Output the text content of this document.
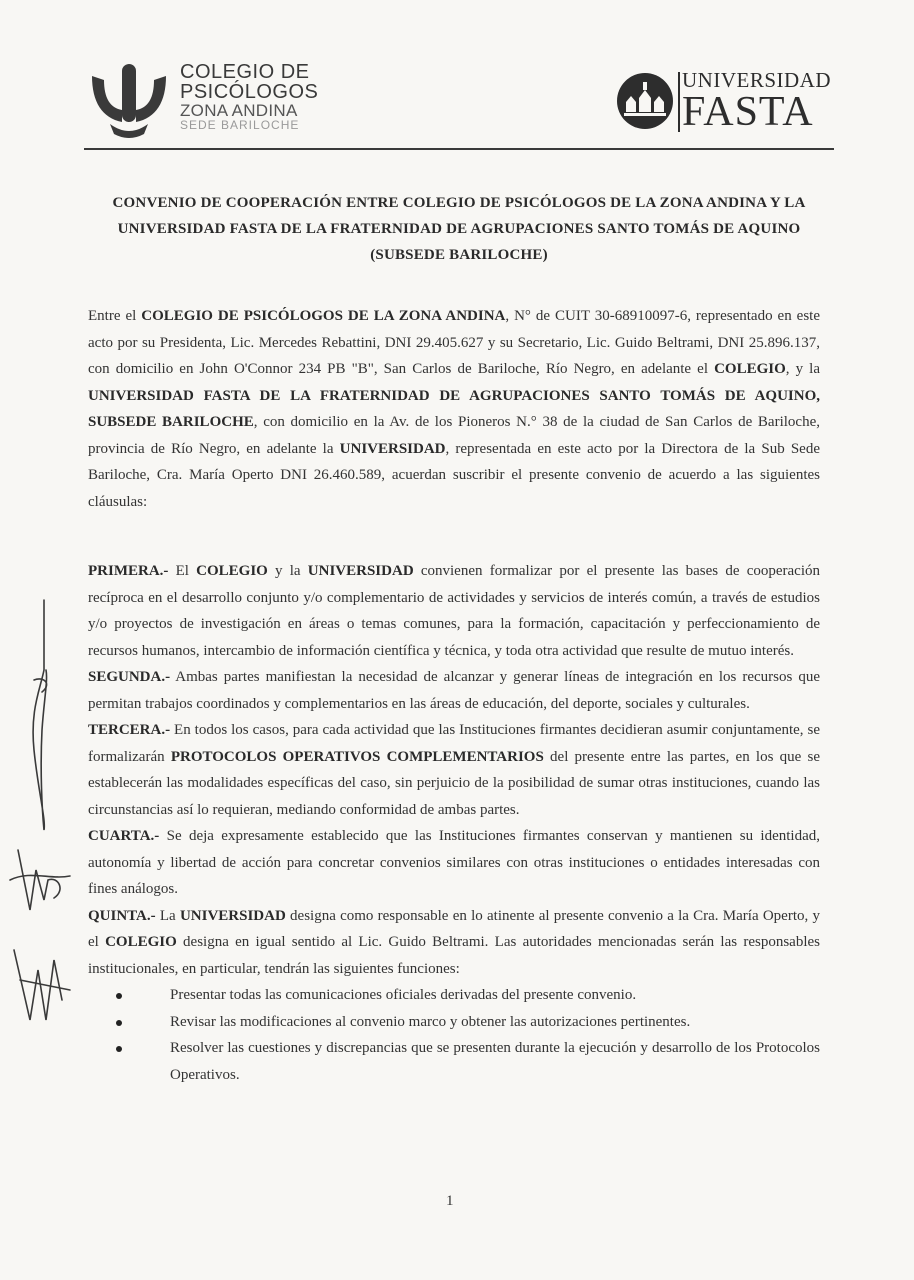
COLEGIO DE
PSICÓLOGOS
ZONA ANDINA
SEDE BARILOCHE
UNIVERSIDAD
FASTA
CONVENIO DE COOPERACIÓN ENTRE COLEGIO DE PSICÓLOGOS DE LA ZONA ANDINA Y LA UNIVERSIDAD FASTA DE LA FRATERNIDAD DE AGRUPACIONES SANTO TOMÁS DE AQUINO (SUBSEDE BARILOCHE)

Entre el COLEGIO DE PSICÓLOGOS DE LA ZONA ANDINA, N° de CUIT 30-68910097-6, representado en este acto por su Presidenta, Lic. Mercedes Rebattini, DNI 29.405.627 y su Secretario, Lic. Guido Beltrami, DNI 25.896.137, con domicilio en John O'Connor 234 PB "B", San Carlos de Bariloche, Río Negro, en adelante el COLEGIO, y la UNIVERSIDAD FASTA DE LA FRATERNIDAD DE AGRUPACIONES SANTO TOMÁS DE AQUINO, SUBSEDE BARILOCHE, con domicilio en la Av. de los Pioneros N.° 38 de la ciudad de San Carlos de Bariloche, provincia de Río Negro, en adelante la UNIVERSIDAD, representada en este acto por la Directora de la Sub Sede Bariloche, Cra. María Operto DNI 26.460.589, acuerdan suscribir el presente convenio de acuerdo a las siguientes cláusulas:

PRIMERA.- El COLEGIO y la UNIVERSIDAD convienen formalizar por el presente las bases de cooperación recíproca en el desarrollo conjunto y/o complementario de actividades y servicios de interés común, a través de estudios y/o proyectos de investigación en áreas o temas comunes, para la formación, capacitación y perfeccionamiento de recursos humanos, intercambio de información científica y técnica, y toda otra actividad que resulte de mutuo interés.

SEGUNDA.- Ambas partes manifiestan la necesidad de alcanzar y generar líneas de integración en los recursos que permitan trabajos coordinados y complementarios en las áreas de educación, del deporte, sociales y culturales.

TERCERA.- En todos los casos, para cada actividad que las Instituciones firmantes decidieran asumir conjuntamente, se formalizarán PROTOCOLOS OPERATIVOS COMPLEMENTARIOS del presente entre las partes, en los que se establecerán las modalidades específicas del caso, sin perjuicio de la posibilidad de sumar otras instituciones, cuando las circunstancias así lo requieran, mediando conformidad de ambas partes.

CUARTA.- Se deja expresamente establecido que las Instituciones firmantes conservan y mantienen su identidad, autonomía y libertad de acción para concretar convenios similares con otras instituciones o entidades interesadas con fines análogos.

QUINTA.- La UNIVERSIDAD designa como responsable en lo atinente al presente convenio a la Cra. María Operto, y el COLEGIO designa en igual sentido al Lic. Guido Beltrami. Las autoridades mencionadas serán las responsables institucionales, en particular, tendrán las siguientes funciones:

Presentar todas las comunicaciones oficiales derivadas del presente convenio.
Revisar las modificaciones al convenio marco y obtener las autorizaciones pertinentes.
Resolver las cuestiones y discrepancias que se presenten durante la ejecución y desarrollo de los Protocolos Operativos.
1
